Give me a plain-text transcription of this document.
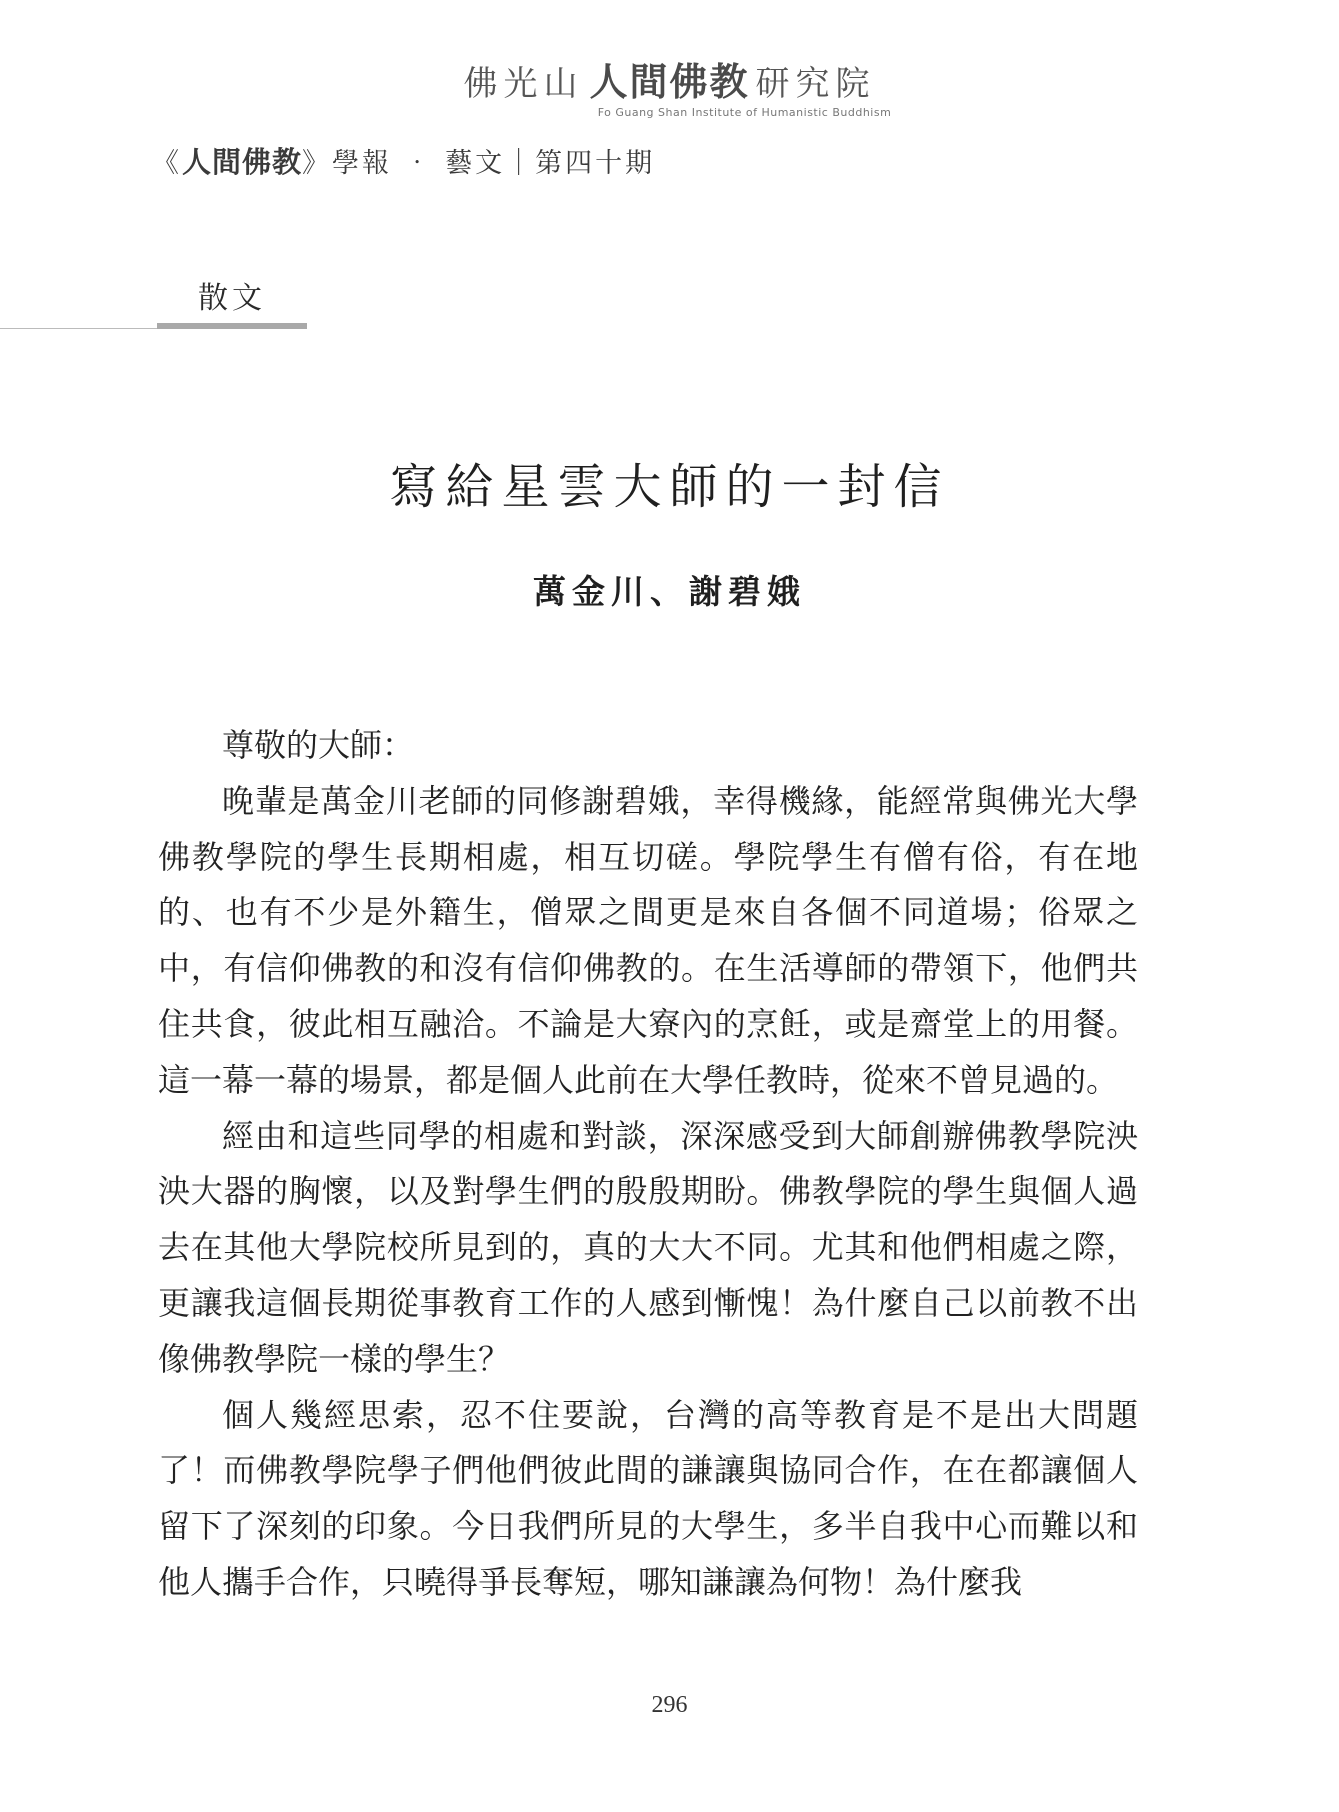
佛光山 人間佛教 研究院
Fo Guang Shan Institute of Humanistic Buddhism
《人間佛教》學報 ‧ 藝文｜第四十期
散文
寫給星雲大師的一封信
萬金川、謝碧娥

尊敬的大師：

晚輩是萬金川老師的同修謝碧娥，幸得機緣，能經常與佛光大學佛教學院的學生長期相處，相互切磋。學院學生有僧有俗，有在地的、也有不少是外籍生，僧眾之間更是來自各個不同道場；俗眾之中，有信仰佛教的和沒有信仰佛教的。在生活導師的帶領下，他們共住共食，彼此相互融洽。不論是大寮內的烹飪，或是齋堂上的用餐。這一幕一幕的場景，都是個人此前在大學任教時，從來不曾見過的。

經由和這些同學的相處和對談，深深感受到大師創辦佛教學院泱泱大器的胸懷，以及對學生們的殷殷期盼。佛教學院的學生與個人過去在其他大學院校所見到的，真的大大不同。尤其和他們相處之際，更讓我這個長期從事教育工作的人感到慚愧！為什麼自己以前教不出像佛教學院一樣的學生？

個人幾經思索，忍不住要說，台灣的高等教育是不是出大問題了！而佛教學院學子們他們彼此間的謙讓與協同合作，在在都讓個人留下了深刻的印象。今日我們所見的大學生，多半自我中心而難以和他人攜手合作，只曉得爭長奪短，哪知謙讓為何物！為什麼我

296
